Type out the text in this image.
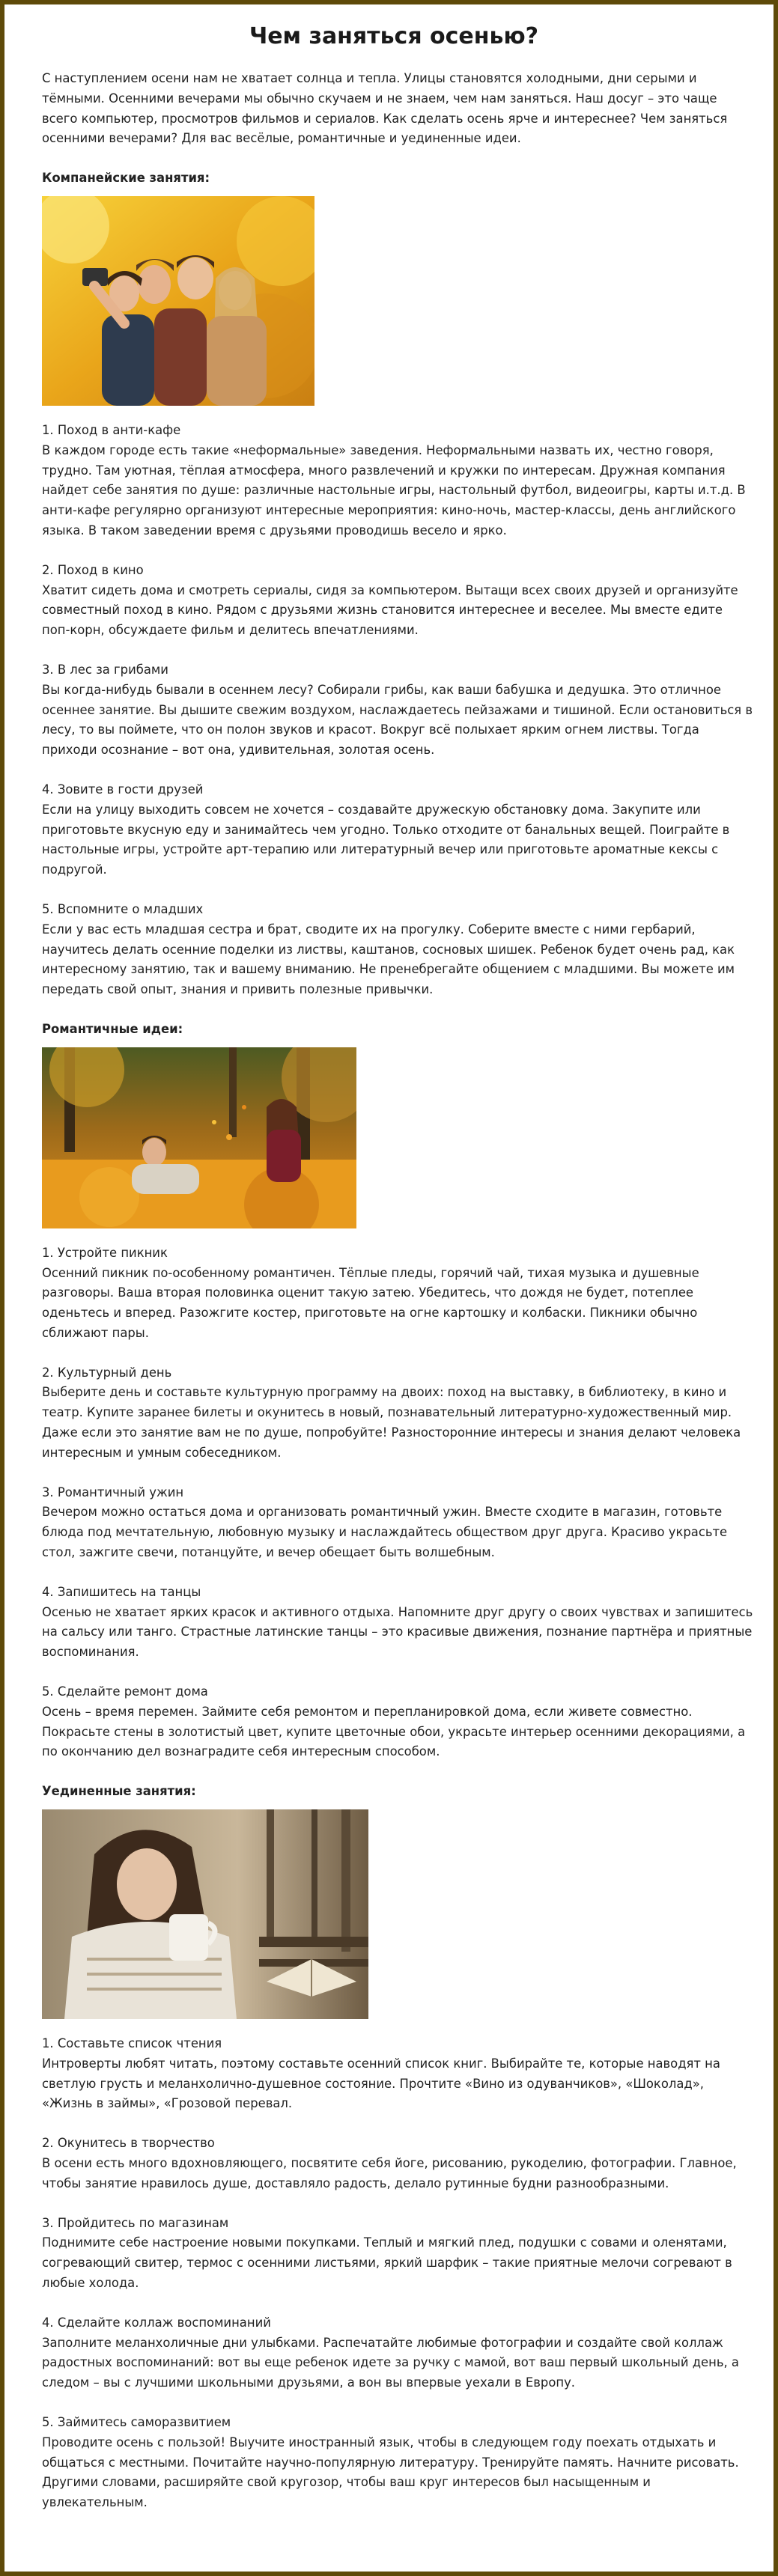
Чем заняться осенью?

С наступлением осени нам не хватает солнца и тепла. Улицы становятся холодными, дни серыми и тёмными. Осенними вечерами мы обычно скучаем и не знаем, чем нам заняться. Наш досуг – это чаще всего компьютер, просмотров фильмов и сериалов. Как сделать осень ярче и интереснее? Чем заняться осенними вечерами? Для вас весёлые, романтичные и уединенные идеи.

Компанейские занятия:

1. Поход в анти-кафе

В каждом городе есть такие «неформальные» заведения. Неформальными назвать их, честно говоря, трудно. Там уютная, тёплая атмосфера, много развлечений и кружки по интересам. Дружная компания найдет себе занятия по душе: различные настольные игры, настольный футбол, видеоигры, карты и.т.д. В анти-кафе регулярно организуют интересные мероприятия: кино-ночь, мастер-классы, день английского языка. В таком заведении время с друзьями проводишь весело и ярко.

2. Поход в кино

Хватит сидеть дома и смотреть сериалы, сидя за компьютером. Вытащи всех своих друзей и организуйте совместный поход в кино. Рядом с друзьями жизнь становится интереснее и веселее. Мы вместе едите поп-корн, обсуждаете фильм и делитесь впечатлениями.

3. В лес за грибами

Вы когда-нибудь бывали в осеннем лесу? Собирали грибы, как ваши бабушка и дедушка. Это отличное осеннее занятие. Вы дышите свежим воздухом, наслаждаетесь пейзажами и тишиной. Если остановиться в лесу, то вы поймете, что он полон звуков и красот. Вокруг всё полыхает ярким огнем листвы. Тогда приходи осознание – вот она, удивительная, золотая осень.

4. Зовите в гости друзей

Если на улицу выходить совсем не хочется – создавайте дружескую обстановку дома. Закупите или приготовьте вкусную еду и занимайтесь чем угодно. Только отходите от банальных вещей. Поиграйте в настольные игры, устройте арт-терапию или литературный вечер или приготовьте ароматные кексы с подругой.

5. Вспомните о младших

Если у вас есть младшая сестра и брат, сводите их на прогулку. Соберите вместе с ними гербарий, научитесь делать осенние поделки из листвы, каштанов, сосновых шишек. Ребенок будет очень рад, как интересному занятию, так и вашему вниманию. Не пренебрегайте общением с младшими. Вы можете им передать свой опыт, знания и привить полезные привычки.

Романтичные идеи:

1. Устройте пикник

Осенний пикник по-особенному романтичен. Тёплые пледы, горячий чай, тихая музыка и душевные разговоры. Ваша вторая половинка оценит такую затею. Убедитесь, что дождя не будет, потеплее оденьтесь и вперед. Разожгите костер, приготовьте на огне картошку и колбаски. Пикники обычно сближают пары.

2. Культурный день

Выберите день и составьте культурную программу на двоих: поход на выставку, в библиотеку, в кино и театр. Купите заранее билеты и окунитесь в новый, познавательный литературно-художественный мир. Даже если это занятие вам не по душе, попробуйте! Разносторонние интересы и знания делают человека интересным и умным собеседником.

3. Романтичный ужин

Вечером можно остаться дома и организовать романтичный ужин. Вместе сходите в магазин, готовьте блюда под мечтательную, любовную музыку и наслаждайтесь обществом друг друга. Красиво украсьте стол, зажгите свечи, потанцуйте, и вечер обещает быть волшебным.

4. Запишитесь на танцы

Осенью не хватает ярких красок и активного отдыха. Напомните друг другу о своих чувствах и запишитесь на сальсу или танго. Страстные латинские танцы – это красивые движения, познание партнёра и приятные воспоминания.

5. Сделайте ремонт дома

Осень – время перемен. Займите себя ремонтом и перепланировкой дома, если живете совместно. Покрасьте стены в золотистый цвет, купите цветочные обои, украсьте интерьер осенними декорациями, а по окончанию дел вознаградите себя интересным способом.

Уединенные занятия:

1. Составьте список чтения

Интроверты любят читать, поэтому составьте осенний список книг. Выбирайте те, которые наводят на светлую грусть и меланхолично-душевное состояние. Прочтите «Вино из одуванчиков», «Шоколад», «Жизнь в займы», «Грозовой перевал.

2. Окунитесь в творчество

В осени есть много вдохновляющего, посвятите себя йоге, рисованию, рукоделию, фотографии. Главное, чтобы занятие нравилось душе, доставляло радость, делало рутинные будни разнообразными.

3. Пройдитесь по магазинам

Поднимите себе настроение новыми покупками. Теплый и мягкий плед, подушки с совами и оленятами, согревающий свитер, термос с осенними листьями, яркий шарфик – такие приятные мелочи согревают в любые холода.

4. Сделайте коллаж воспоминаний

Заполните меланхоличные дни улыбками. Распечатайте любимые фотографии и создайте свой коллаж радостных воспоминаний: вот вы еще ребенок идете за ручку с мамой, вот ваш первый школьный день, а следом – вы с лучшими школьными друзьями, а вон вы впервые уехали в Европу.

5. Займитесь саморазвитием

Проводите осень с пользой! Выучите иностранный язык, чтобы в следующем году поехать отдыхать и общаться с местными. Почитайте научно-популярную литературу. Тренируйте память. Начните рисовать. Другими словами, расширяйте свой кругозор, чтобы ваш круг интересов был насыщенным и увлекательным.
